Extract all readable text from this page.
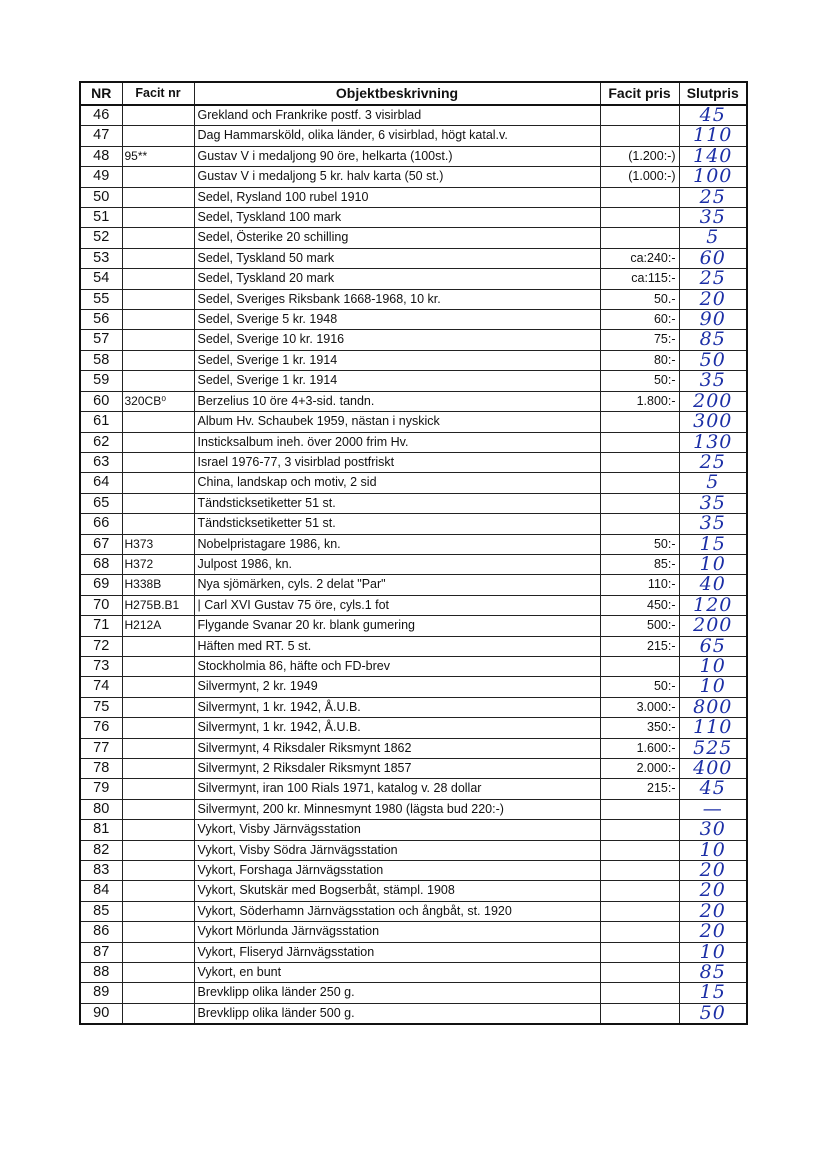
NR	Facit nr	Objektbeskrivning	Facit pris	Slutpris
46		Grekland och Frankrike postf. 3 visirblad		45
47		Dag Hammarsköld, olika länder, 6 visirblad, högt katal.v.		110
48	95**	Gustav V i medaljong 90 öre, helkarta (100st.)	(1.200:-)	140
49		Gustav V i medaljong 5 kr. halv karta (50 st.)	(1.000:-)	100
50		Sedel, Rysland 100 rubel 1910		25
51		Sedel, Tyskland 100 mark		35
52		Sedel, Österike 20 schilling		5
53		Sedel, Tyskland 50 mark	ca:240:-	60
54		Sedel, Tyskland 20 mark	ca:115:-	25
55		Sedel, Sveriges Riksbank 1668-1968, 10 kr.	50.-	20
56		Sedel, Sverige 5 kr. 1948	60:-	90
57		Sedel, Sverige 10 kr. 1916	75:-	85
58		Sedel, Sverige 1 kr. 1914	80:-	50
59		Sedel, Sverige 1 kr. 1914	50:-	35
60	320CB⁰	Berzelius 10 öre 4+3-sid. tandn.	1.800:-	200
61		Album Hv. Schaubek 1959, nästan i nyskick		300
62		Insticksalbum ineh. över 2000 frim Hv.		130
63		Israel 1976-77, 3 visirblad postfriskt		25
64		China, landskap och motiv, 2 sid		5
65		Tändsticksetiketter 51 st.		35
66		Tändsticksetiketter 51 st.		35
67	H373	Nobelpristagare 1986, kn.	50:-	15
68	H372	Julpost 1986, kn.	85:-	10
69	H338B	Nya sjömärken, cyls. 2 delat "Par"	110:-	40
70	H275B.B1	| Carl XVI Gustav 75 öre, cyls.1 fot	450:-	120
71	H212A	Flygande Svanar 20 kr. blank gumering	500:-	200
72		Häften med RT. 5 st.	215:-	65
73		Stockholmia 86, häfte och FD-brev		10
74		Silvermynt, 2 kr. 1949	50:-	10
75		Silvermynt, 1 kr. 1942, Å.U.B.	3.000:-	800
76		Silvermynt, 1 kr. 1942, Å.U.B.	350:-	110
77		Silvermynt, 4 Riksdaler Riksmynt 1862	1.600:-	525
78		Silvermynt, 2 Riksdaler Riksmynt 1857	2.000:-	400
79		Silvermynt, iran 100 Rials 1971, katalog v. 28 dollar	215:-	45
80		Silvermynt, 200 kr. Minnesmynt 1980 (lägsta bud 220:-)		—
81		Vykort, Visby Järnvägsstation		30
82		Vykort, Visby Södra Järnvägsstation		10
83		Vykort, Forshaga Järnvägsstation		20
84		Vykort, Skutskär med Bogserbåt, stämpl. 1908		20
85		Vykort, Söderhamn Järnvägsstation och ångbåt, st. 1920		20
86		Vykort Mörlunda Järnvägsstation		20
87		Vykort, Fliseryd Järnvägsstation		10
88		Vykort, en bunt		85
89		Brevklipp olika länder 250 g.		15
90		Brevklipp olika länder 500 g.		50
